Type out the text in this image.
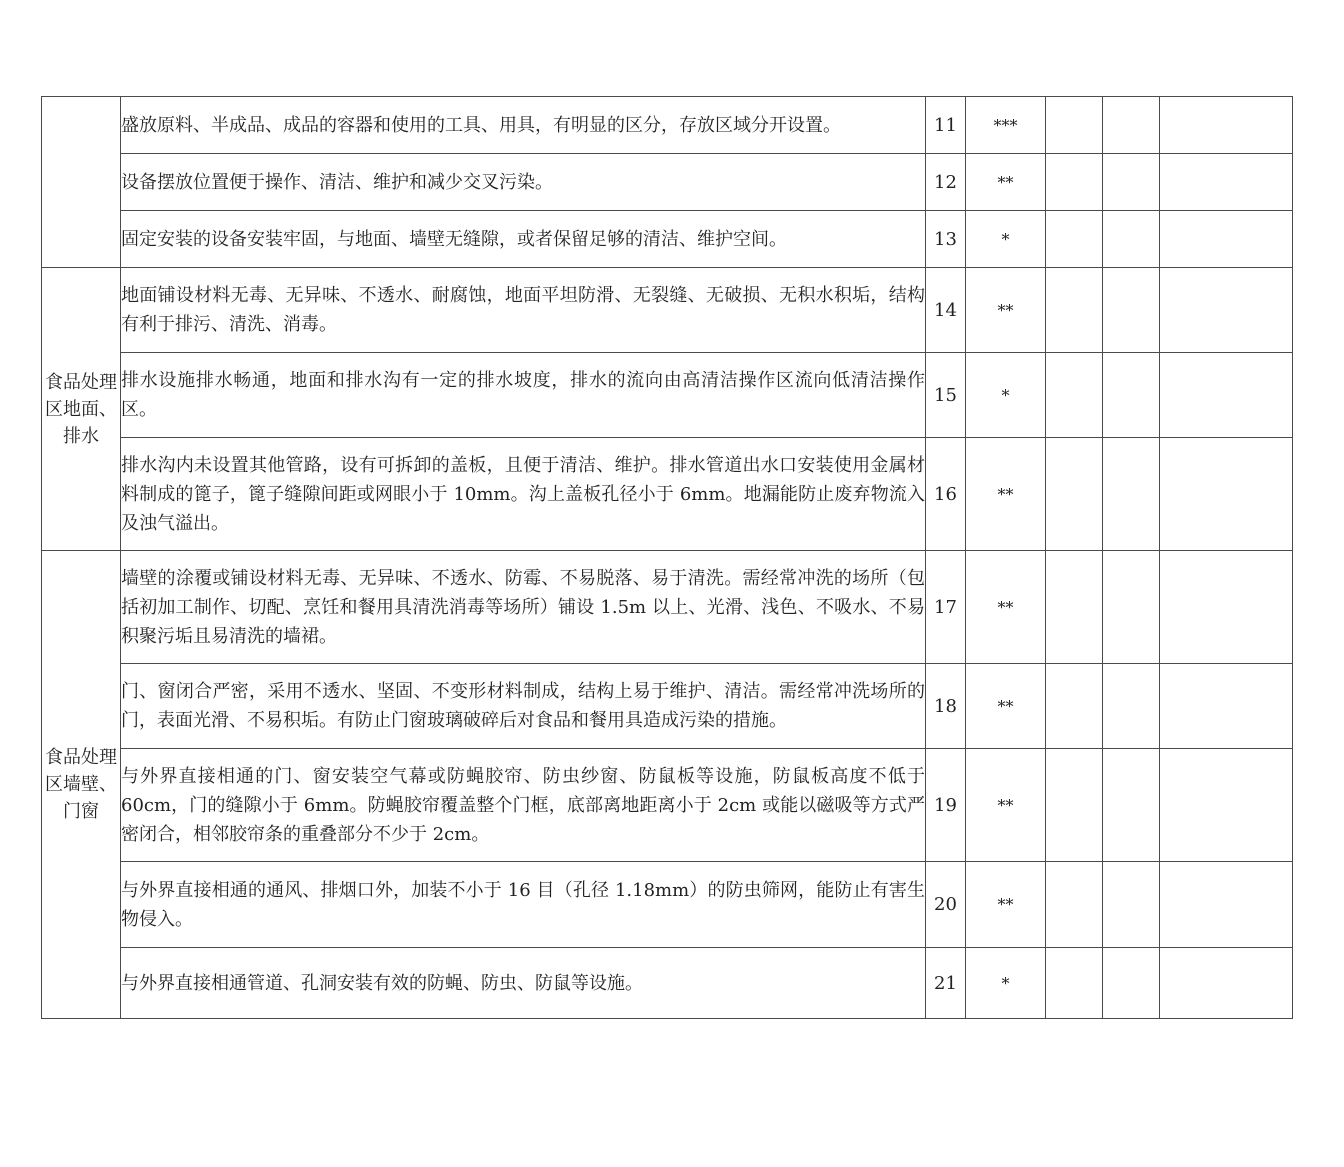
	盛放原料、半成品、成品的容器和使用的工具、用具，有明显的区分，存放区域分开设置。	11	***			
	设备摆放位置便于操作、清洁、维护和减少交叉污染。	12	**			
	固定安装的设备安装牢固，与地面、墙壁无缝隙，或者保留足够的清洁、维护空间。	13	*			
食品处理区地面、排水	地面铺设材料无毒、无异味、不透水、耐腐蚀，地面平坦防滑、无裂缝、无破损、无积水积垢，结构有利于排污、清洗、消毒。	14	**			
	排水设施排水畅通，地面和排水沟有一定的排水坡度，排水的流向由高清洁操作区流向低清洁操作区。	15	*			
	排水沟内未设置其他管路，设有可拆卸的盖板，且便于清洁、维护。排水管道出水口安装使用金属材料制成的篦子，篦子缝隙间距或网眼小于 10mm。沟上盖板孔径小于 6mm。地漏能防止废弃物流入及浊气溢出。	16	**			
食品处理区墙壁、门窗	墙壁的涂覆或铺设材料无毒、无异味、不透水、防霉、不易脱落、易于清洗。需经常冲洗的场所（包括初加工制作、切配、烹饪和餐用具清洗消毒等场所）铺设 1.5m 以上、光滑、浅色、不吸水、不易积聚污垢且易清洗的墙裙。	17	**			
	门、窗闭合严密，采用不透水、坚固、不变形材料制成，结构上易于维护、清洁。需经常冲洗场所的门，表面光滑、不易积垢。有防止门窗玻璃破碎后对食品和餐用具造成污染的措施。	18	**			
	与外界直接相通的门、窗安装空气幕或防蝇胶帘、防虫纱窗、防鼠板等设施，防鼠板高度不低于 60cm，门的缝隙小于 6mm。防蝇胶帘覆盖整个门框，底部离地距离小于 2cm 或能以磁吸等方式严密闭合，相邻胶帘条的重叠部分不少于 2cm。	19	**			
	与外界直接相通的通风、排烟口外，加装不小于 16 目（孔径 1.18mm）的防虫筛网，能防止有害生物侵入。	20	**			
	与外界直接相通管道、孔洞安装有效的防蝇、防虫、防鼠等设施。	21	*			
